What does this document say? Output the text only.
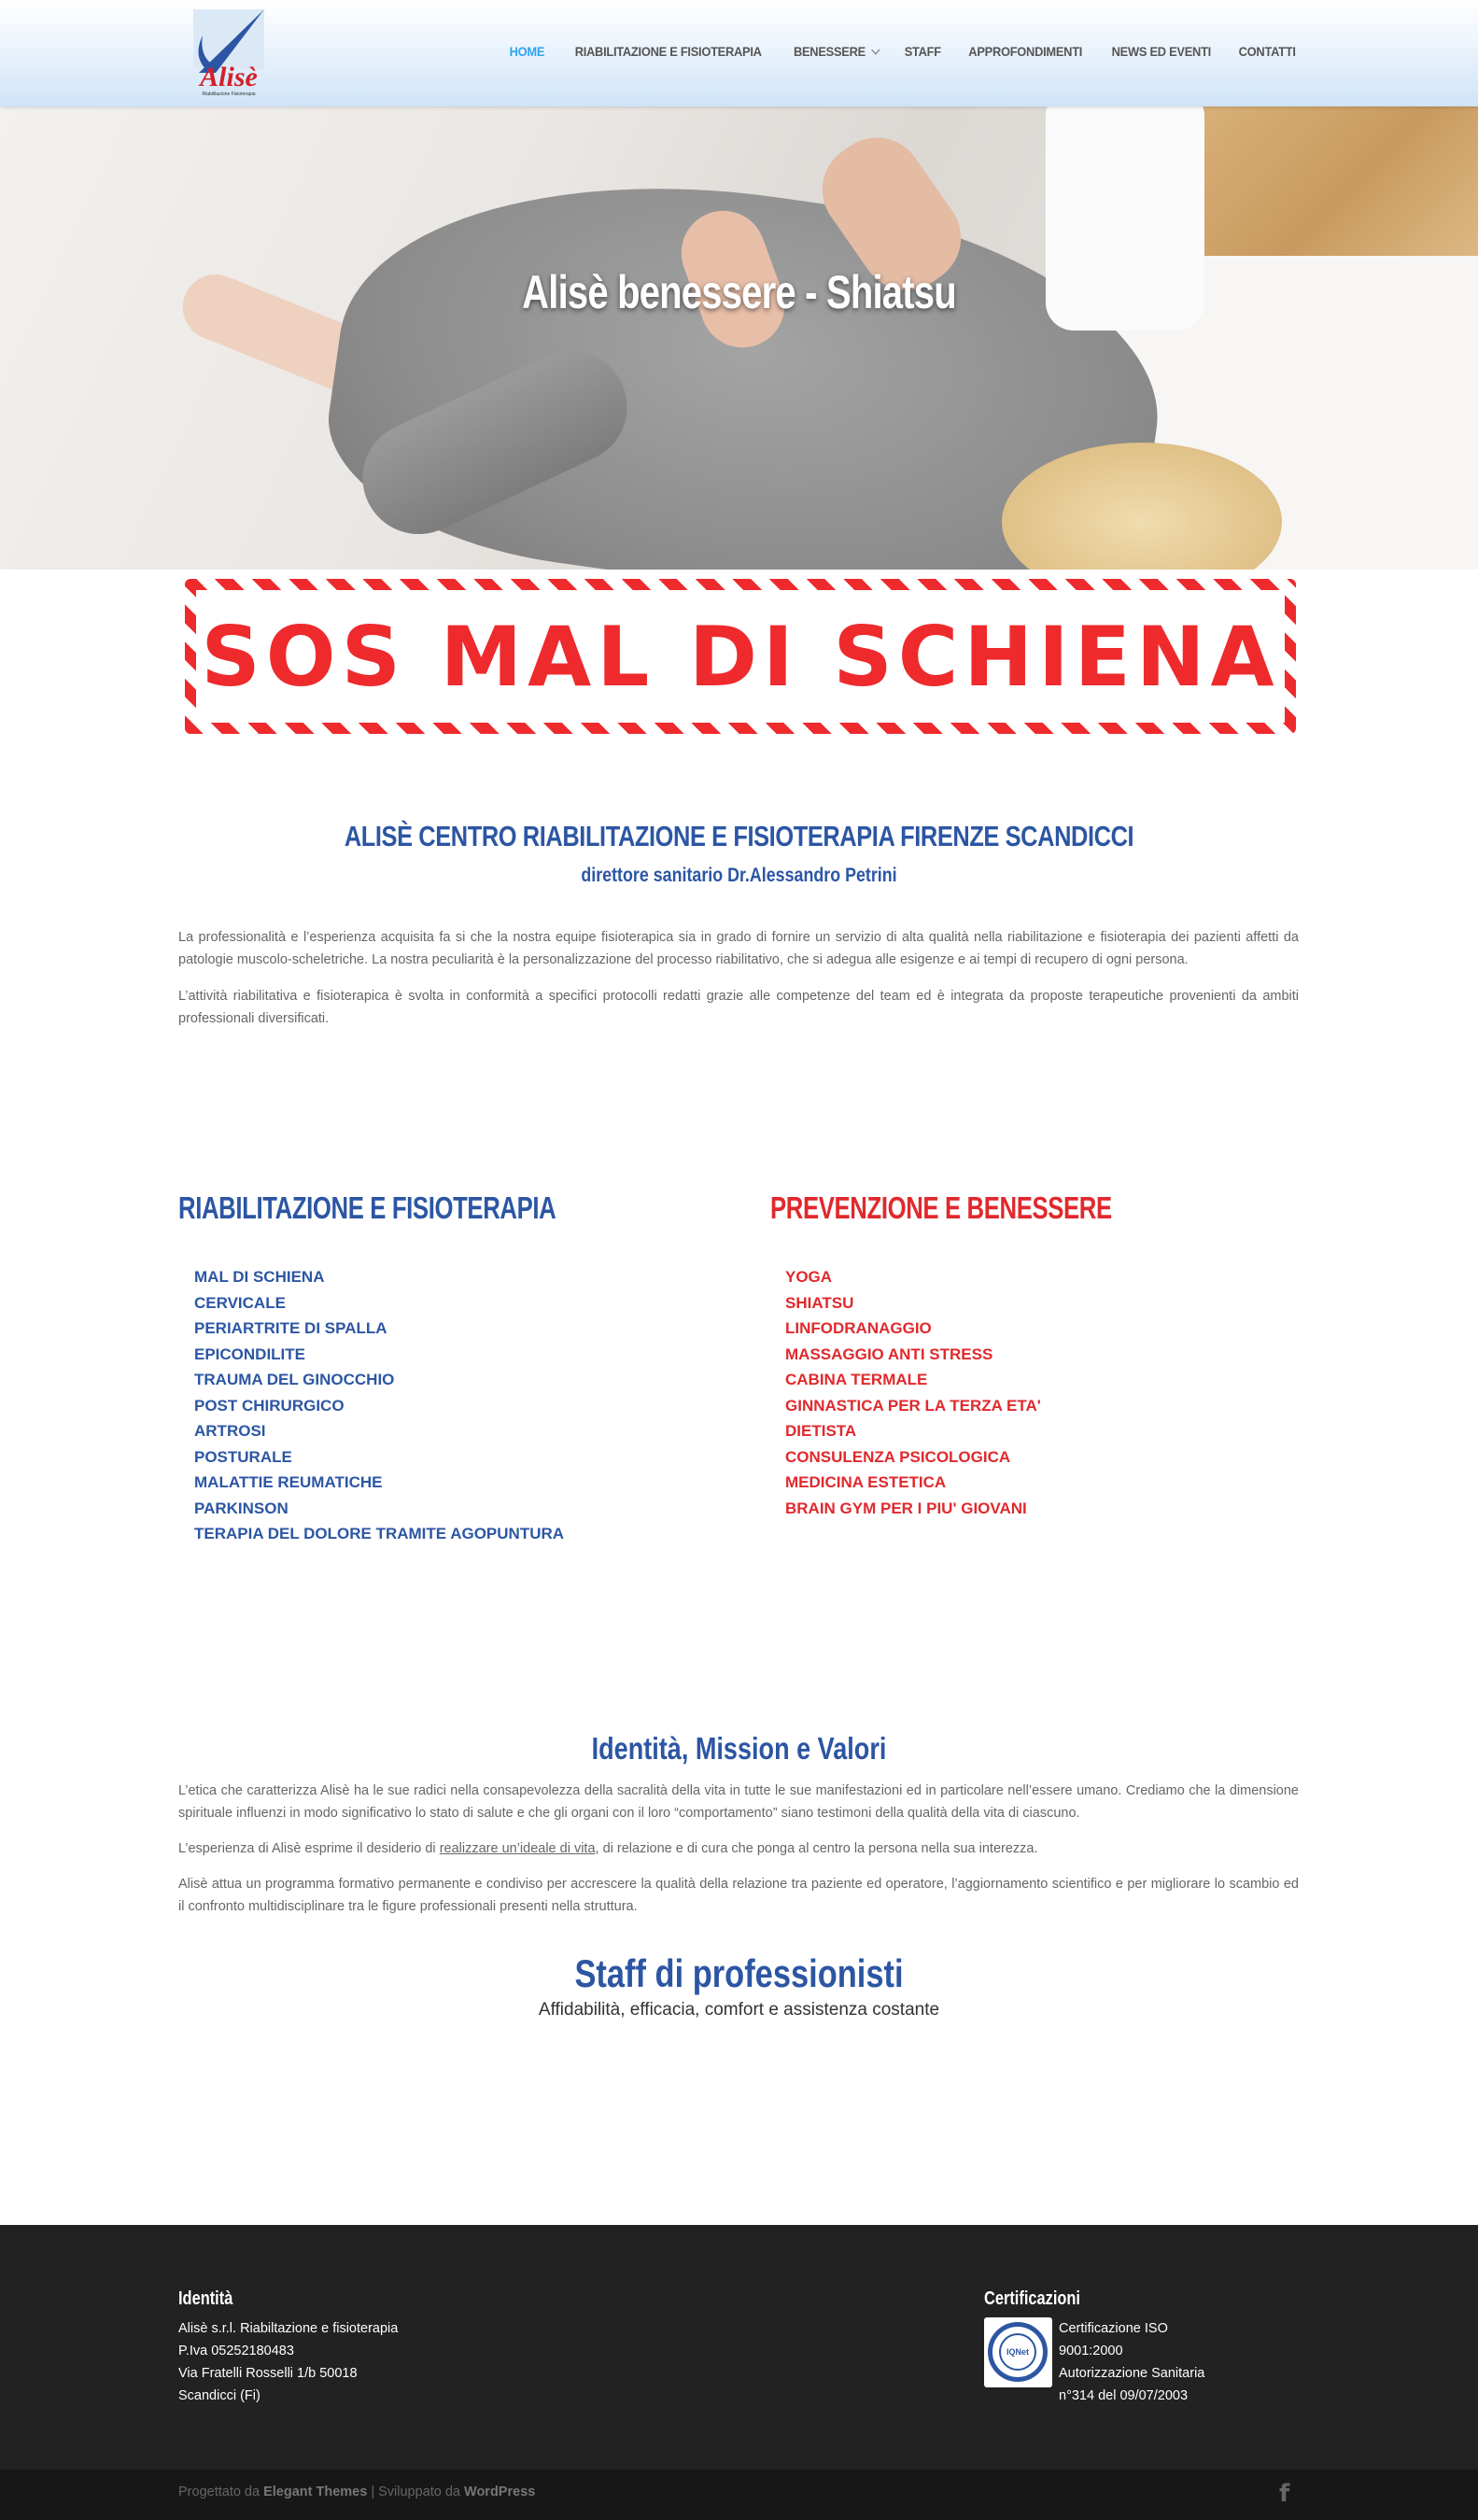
Alisè
Riabilitazione Fisioterapia
HOME RIABILITAZIONE E FISIOTERAPIA BENESSERE	STAFF APPROFONDIMENTI NEWS ED EVENTI CONTATTI
Alisè benessere - Shiatsu
SOS MAL DI SCHIENA
ALISÈ CENTRO RIABILITAZIONE E FISIOTERAPIA FIRENZE SCANDICCI
direttore sanitario Dr.Alessandro Petrini

La professionalità e l’esperienza acquisita fa si che la nostra equipe fisioterapica sia in grado di fornire un servizio di alta qualità nella riabilitazione e fisioterapia dei pazienti affetti da patologie muscolo-scheletriche. La nostra peculiarità è la personalizzazione del processo riabilitativo, che si adegua alle esigenze e ai tempi di recupero di ogni persona.

L’attività riabilitativa e fisioterapica è svolta in conformità a specifici protocolli redatti grazie alle competenze del team ed è integrata da proposte terapeutiche provenienti da ambiti professionali diversificati.

RIABILITAZIONE E FISIOTERAPIA
MAL DI SCHIENA
CERVICALE
PERIARTRITE DI SPALLA
EPICONDILITE
TRAUMA DEL GINOCCHIO
POST CHIRURGICO
ARTROSI
POSTURALE
MALATTIE REUMATICHE
PARKINSON
TERAPIA DEL DOLORE TRAMITE AGOPUNTURA
PREVENZIONE E BENESSERE
YOGA
SHIATSU
LINFODRANAGGIO
MASSAGGIO ANTI STRESS
CABINA TERMALE
GINNASTICA PER LA TERZA ETA'
DIETISTA
CONSULENZA PSICOLOGICA
MEDICINA ESTETICA
BRAIN GYM PER I PIU' GIOVANI
Identità, Mission e Valori

L’etica che caratterizza Alisè ha le sue radici nella consapevolezza della sacralità della vita in tutte le sue manifestazioni ed in particolare nell’essere umano. Crediamo che la dimensione spirituale influenzi in modo significativo lo stato di salute e che gli organi con il loro “comportamento” siano testimoni della qualità della vita di ciascuno.

L’esperienza di Alisè esprime il desiderio di realizzare un’ideale di vita, di relazione e di cura che ponga al centro la persona nella sua interezza.

Alisè attua un programma formativo permanente e condiviso per accrescere la qualità della relazione tra paziente ed operatore, l’aggiornamento scientifico e per migliorare lo scambio ed il confronto multidisciplinare tra le figure professionali presenti nella struttura.

Staff di professionisti
Affidabilità, efficacia, comfort e assistenza costante
Identità
Alisè s.r.l. Riabiltazione e fisioterapia
P.Iva 05252180483
Via Fratelli Rosselli 1/b 50018
Scandicci (Fi)
Certificazioni
IQNet
Certificazione ISO
9001:2000
Autorizzazione Sanitaria
n°314 del 09/07/2003
Progettato da Elegant Themes | Sviluppato da WordPress	f
